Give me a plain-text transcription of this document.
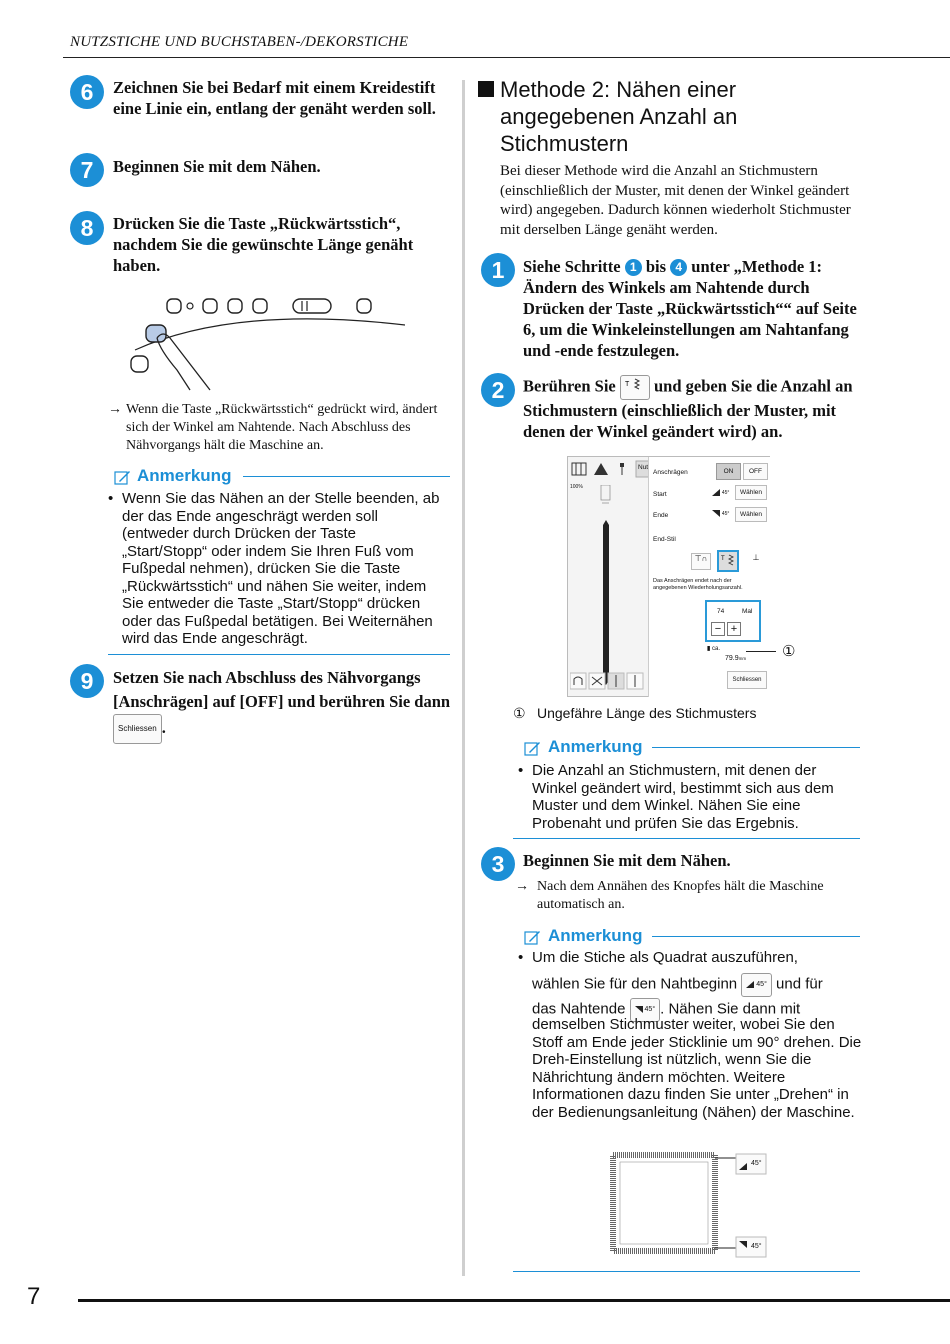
NUTZSTICHE UND BUCHSTABEN-/DEKORSTICHE
6	Zeichnen Sie bei Bedarf mit einem Kreidestift eine Linie ein, entlang der genäht werden soll.
7	Beginnen Sie mit dem Nähen.
8	Drücken Sie die Taste „Rückwärtsstich“, nachdem Sie die gewünschte Länge genäht haben.
→ Wenn die Taste „Rückwärtsstich“ gedrückt wird, ändert sich der Winkel am Nahtende. Nach Abschluss des Nähvorgangs hält die Maschine an.
Anmerkung
• Wenn Sie das Nähen an der Stelle beenden, ab der das Ende angeschrägt werden soll (entweder durch Drücken der Taste „Start/Stopp“ oder indem Sie Ihren Fuß vom Fußpedal nehmen), drücken Sie die Taste „Rückwärtsstich“ und nähen Sie weiter, indem Sie entweder die Taste „Start/Stopp“ drücken oder das Fußpedal betätigen. Bei Weiternähen wird das Ende angeschrägt.
9	Setzen Sie nach Abschluss des Nähvorgangs [Anschrägen] auf [OFF] und berühren Sie dann Schliessen .
Methode 2: Nähen einer
angegebenen Anzahl an
Stichmustern
Bei dieser Methode wird die Anzahl an Stichmustern (einschließlich der Muster, mit denen der Winkel geändert wird) angegeben. Dadurch können wiederholt Stichmuster mit derselben Länge genäht werden.
1	Siehe Schritte 1 bis 4 unter „Methode 1: Ändern des Winkels am Nahtende durch Drücken der Taste „Rückwärtsstich““ auf Seite 6, um die Winkeleinstellungen am Nahtanfang und -ende festzulegen.
2	Berühren Sie T und geben Sie die Anzahl an Stichmustern (einschließlich der Muster, mit denen der Winkel geändert wird) an.
Nut
100%
Anschrägen	ON	OFF
Start	45°	Wählen
Ende	45°	Wählen
End-Stil
⊤∩	T	⊥
Das Anschrägen endet nach der angegebenen Wiederholungsanzahl.
74	Mal
− +
▮ ca.
79.9mm
Schliessen
①
① Ungefähre Länge des Stichmusters
Anmerkung
• Die Anzahl an Stichmustern, mit denen der Winkel geändert wird, bestimmt sich aus dem Muster und dem Winkel. Nähen Sie eine Probenaht und prüfen Sie das Ergebnis.
3	Beginnen Sie mit dem Nähen.
→ Nach dem Annähen des Knopfes hält die Maschine automatisch an.
Anmerkung
• Um die Stiche als Quadrat auszuführen,
wählen Sie für den Nahtbeginn	45° und für
das Nahtende	45° . Nähen Sie dann mit
demselben Stichmuster weiter, wobei Sie den Stoff am Ende jeder Sticklinie um 90° drehen. Die Dreh-Einstellung ist nützlich, wenn Sie die Nährichtung ändern möchten. Weitere Informationen dazu finden Sie unter „Drehen“ in der Bedienungsanleitung (Nähen) der Maschine.
45°
45°
7
